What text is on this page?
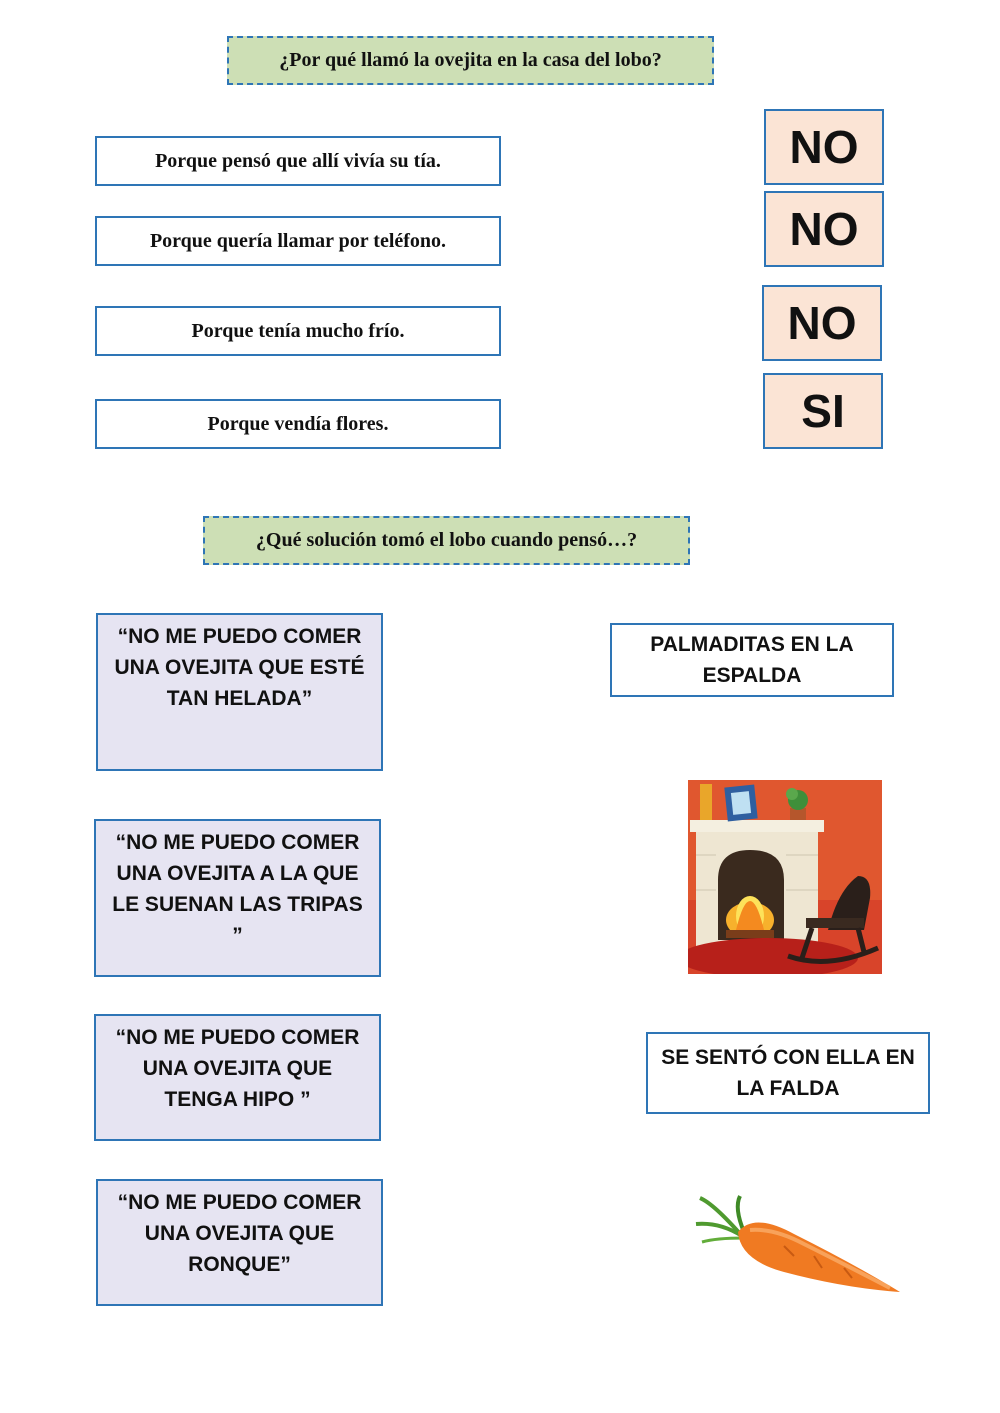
¿Por qué llamó la ovejita en la casa del lobo?
Porque pensó que allí vivía su tía.
Porque quería llamar por teléfono.
Porque tenía mucho frío.
Porque vendía flores.
NO
NO
NO
SI
¿Qué solución tomó el lobo cuando pensó…?
“NO ME PUEDO COMER UNA OVEJITA QUE ESTÉ TAN HELADA”
“NO ME PUEDO COMER UNA OVEJITA A LA QUE LE SUENAN LAS TRIPAS ”
“NO ME PUEDO COMER UNA OVEJITA QUE TENGA HIPO ”
“NO ME PUEDO COMER UNA OVEJITA QUE RONQUE”
PALMADITAS EN LA ESPALDA
SE SENTÓ CON ELLA EN LA FALDA
